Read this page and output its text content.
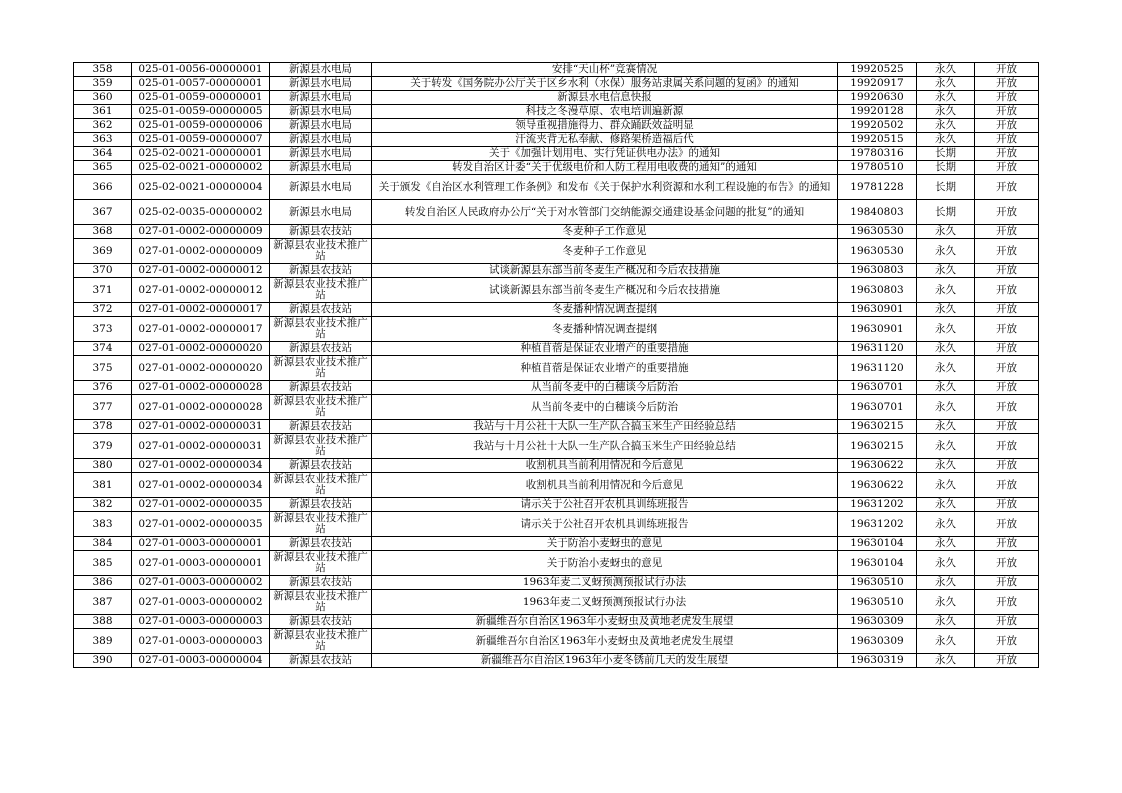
358	025-01-0056-00000001	新源县水电局	安排“天山杯”竞赛情况	19920525	永久	开放
359	025-01-0057-00000001	新源县水电局	关于转发《国务院办公厅关于区乡水利（水保）服务站隶属关系问题的复函》的通知	19920917	永久	开放
360	025-01-0059-00000001	新源县水电局	新源县水电信息快报	19920630	永久	开放
361	025-01-0059-00000005	新源县水电局	科技之冬漫草原、农电培训遍新源	19920128	永久	开放
362	025-01-0059-00000006	新源县水电局	领导重视措施得力、群众踊跃效益明显	19920502	永久	开放
363	025-01-0059-00000007	新源县水电局	汗流夹背无私奉献、修路架桥造福后代	19920515	永久	开放
364	025-02-0021-00000001	新源县水电局	关于《加强计划用电、实行凭证供电办法》的通知	19780316	长期	开放
365	025-02-0021-00000002	新源县水电局	转发自治区计委“关于优级电价和人防工程用电收费的通知”的通知	19780510	长期	开放
366	025-02-0021-00000004	新源县水电局	关于颁发《自治区水利管理工作条例》和发布《关于保护水利资源和水利工程设施的布告》的通知	19781228	长期	开放
367	025-02-0035-00000002	新源县水电局	转发自治区人民政府办公厅“关于对水管部门交纳能源交通建设基金问题的批复”的通知	19840803	长期	开放
368	027-01-0002-00000009	新源县农技站	冬麦种子工作意见	19630530	永久	开放
369	027-01-0002-00000009	新源县农业技术推广站	冬麦种子工作意见	19630530	永久	开放
370	027-01-0002-00000012	新源县农技站	试谈新源县东部当前冬麦生产概况和今后农技措施	19630803	永久	开放
371	027-01-0002-00000012	新源县农业技术推广站	试谈新源县东部当前冬麦生产概况和今后农技措施	19630803	永久	开放
372	027-01-0002-00000017	新源县农技站	冬麦播种情况调查提纲	19630901	永久	开放
373	027-01-0002-00000017	新源县农业技术推广站	冬麦播种情况调查提纲	19630901	永久	开放
374	027-01-0002-00000020	新源县农技站	种植苜蓿是保证农业增产的重要措施	19631120	永久	开放
375	027-01-0002-00000020	新源县农业技术推广站	种植苜蓿是保证农业增产的重要措施	19631120	永久	开放
376	027-01-0002-00000028	新源县农技站	从当前冬麦中的白穗谈今后防治	19630701	永久	开放
377	027-01-0002-00000028	新源县农业技术推广站	从当前冬麦中的白穗谈今后防治	19630701	永久	开放
378	027-01-0002-00000031	新源县农技站	我站与十月公社十大队一生产队合搞玉米生产田经验总结	19630215	永久	开放
379	027-01-0002-00000031	新源县农业技术推广站	我站与十月公社十大队一生产队合搞玉米生产田经验总结	19630215	永久	开放
380	027-01-0002-00000034	新源县农技站	收割机具当前利用情况和今后意见	19630622	永久	开放
381	027-01-0002-00000034	新源县农业技术推广站	收割机具当前利用情况和今后意见	19630622	永久	开放
382	027-01-0002-00000035	新源县农技站	请示关于公社召开农机具训练班报告	19631202	永久	开放
383	027-01-0002-00000035	新源县农业技术推广站	请示关于公社召开农机具训练班报告	19631202	永久	开放
384	027-01-0003-00000001	新源县农技站	关于防治小麦蚜虫的意见	19630104	永久	开放
385	027-01-0003-00000001	新源县农业技术推广站	关于防治小麦蚜虫的意见	19630104	永久	开放
386	027-01-0003-00000002	新源县农技站	1963年麦二叉蚜预测预报试行办法	19630510	永久	开放
387	027-01-0003-00000002	新源县农业技术推广站	1963年麦二叉蚜预测预报试行办法	19630510	永久	开放
388	027-01-0003-00000003	新源县农技站	新疆维吾尔自治区1963年小麦蚜虫及黄地老虎发生展望	19630309	永久	开放
389	027-01-0003-00000003	新源县农业技术推广站	新疆维吾尔自治区1963年小麦蚜虫及黄地老虎发生展望	19630309	永久	开放
390	027-01-0003-00000004	新源县农技站	新疆维吾尔自治区1963年小麦冬锈前几天的发生展望	19630319	永久	开放
